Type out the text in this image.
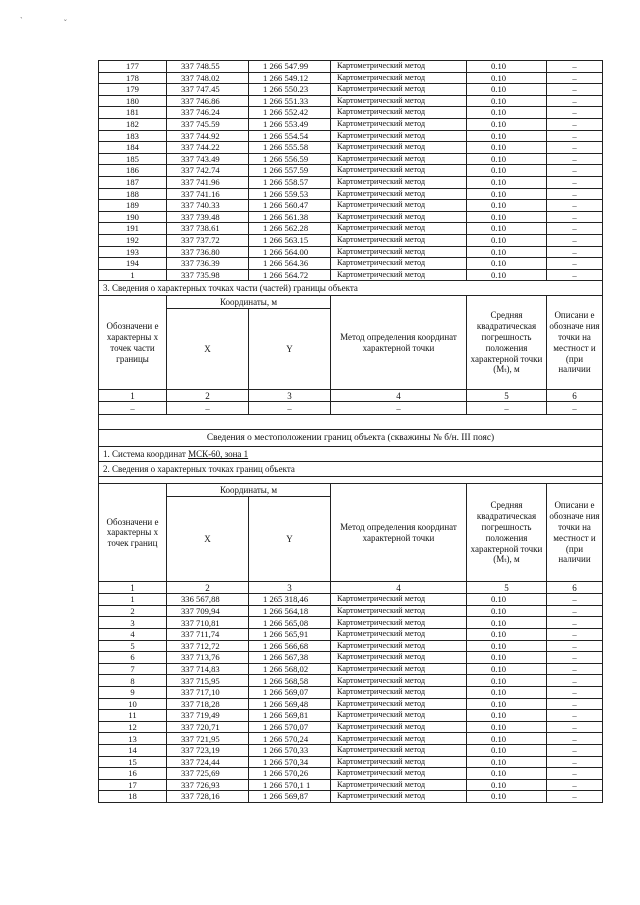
`	˘
177	337 748.55	1 266 547.99	Картометрический метод	0.10	–
178	337 748.02	1 266 549.12	Картометрический метод	0.10	–
179	337 747.45	1 266 550.23	Картометрический метод	0.10	–
180	337 746.86	1 266 551.33	Картометрический метод	0.10	–
181	337 746.24	1 266 552.42	Картометрический метод	0.10	–
182	337 745.59	1 266 553.49	Картометрический метод	0.10	–
183	337 744.92	1 266 554.54	Картометрический метод	0.10	–
184	337 744.22	1 266 555.58	Картометрический метод	0.10	–
185	337 743.49	1 266 556.59	Картометрический метод	0.10	–
186	337 742.74	1 266 557.59	Картометрический метод	0.10	–
187	337 741.96	1 266 558.57	Картометрический метод	0.10	–
188	337 741.16	1 266 559.53	Картометрический метод	0.10	–
189	337 740.33	1 266 560.47	Картометрический метод	0.10	–
190	337 739.48	1 266 561.38	Картометрический метод	0.10	–
191	337 738.61	1 266 562.28	Картометрический метод	0.10	–
192	337 737.72	1 266 563.15	Картометрический метод	0.10	–
193	337 736.80	1 266 564.00	Картометрический метод	0.10	–
194	337 736.39	1 266 564.36	Картометрический метод	0.10	–
1	337 735.98	1 266 564.72	Картометрический метод	0.10	–
3. Сведения о характерных точках части (частей) границы объекта					
Обозначени е характерны х точек части границы	Координаты, м		Метод определения координат характерной точки	Средняя квадратическая погрешность положения характерной точки (Mₜ), м	Описани е обозначе ния точки на местност и (при наличии
	X	Y			
1	2	3	4	5	6
–	–	–	–	–	–

Сведения о местоположении границ объекта (скважины № б/н. III пояс)					
1. Система координат МСК-60, зона 1					
2. Сведения о характерных точках границ объекта					

Обозначени е характерны х точек границ	Координаты, м		Метод определения координат характерной точки	Средняя квадратическая погрешность положения характерной точки (Mₜ), м	Описани е обозначе ния точки на местност и (при наличии
	X	Y			
1	2	3	4	5	6
1	336 567,88	1 265 318,46	Картометрический метод	0.10	–
2	337 709,94	1 266 564,18	Картометрический метод	0.10	–
3	337 710,81	1 266 565,08	Картометрический метод	0.10	–
4	337 711,74	1 266 565,91	Картометрический метод	0.10	–
5	337 712,72	1 266 566,68	Картометрический метод	0.10	–
6	337 713,76	1 266 567,38	Картометрический метод	0.10	–
7	337 714,83	1 266 568,02	Картометрический метод	0.10	–
8	337 715,95	1 266 568,58	Картометрический метод	0.10	–
9	337 717,10	1 266 569,07	Картометрический метод	0.10	–
10	337 718,28	1 266 569,48	Картометрический метод	0.10	–
11	337 719,49	1 266 569,81	Картометрический метод	0.10	–
12	337 720,71	1 266 570,07	Картометрический метод	0.10	–
13	337 721,95	1 266 570,24	Картометрический метод	0.10	–
14	337 723,19	1 266 570,33	Картометрический метод	0.10	–
15	337 724,44	1 266 570,34	Картометрический метод	0.10	–
16	337 725,69	1 266 570,26	Картометрический метод	0.10	–
17	337 726,93	1 266 570,1 1	Картометрический метод	0.10	–
18	337 728,16	1 266 569,87	Картометрический метод	0.10	–
